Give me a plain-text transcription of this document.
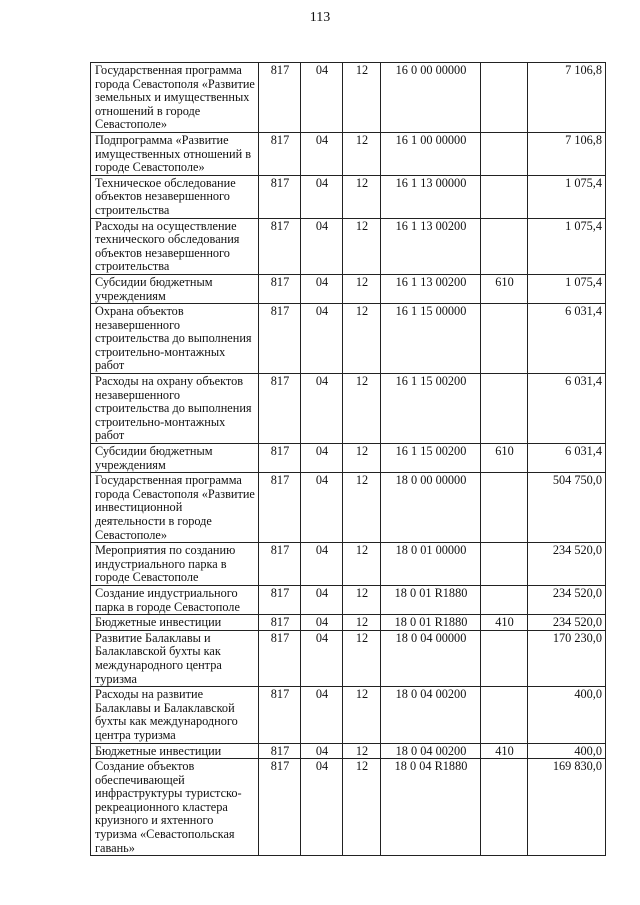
113
Государственная программа города Севастополя «Развитие земельных и имущественных отношений в городе Севастополе»	817	04	12	16 0 00 00000		7 106,8
Подпрограмма «Развитие имущественных отношений в городе Севастополе»	817	04	12	16 1 00 00000		7 106,8
Техническое обследование объектов незавершенного строительства	817	04	12	16 1 13 00000		1 075,4
Расходы на осуществление технического обследования объектов незавершенного строительства	817	04	12	16 1 13 00200		1 075,4
Субсидии бюджетным учреждениям	817	04	12	16 1 13 00200	610	1 075,4
Охрана объектов незавершенного строительства до выполнения строительно-монтажных работ	817	04	12	16 1 15 00000		6 031,4
Расходы на охрану объектов незавершенного строительства до выполнения строительно-монтажных работ	817	04	12	16 1 15 00200		6 031,4
Субсидии бюджетным учреждениям	817	04	12	16 1 15 00200	610	6 031,4
Государственная программа города Севастополя «Развитие инвестиционной деятельности в городе Севастополе»	817	04	12	18 0 00 00000		504 750,0
Мероприятия по созданию индустриального парка в городе Севастополе	817	04	12	18 0 01 00000		234 520,0
Создание индустриального парка в городе Севастополе	817	04	12	18 0 01 R1880		234 520,0
Бюджетные инвестиции	817	04	12	18 0 01 R1880	410	234 520,0
Развитие Балаклавы и Балаклавской бухты как международного центра туризма	817	04	12	18 0 04 00000		170 230,0
Расходы на развитие Балаклавы и Балаклавской бухты как международного центра туризма	817	04	12	18 0 04 00200		400,0
Бюджетные инвестиции	817	04	12	18 0 04 00200	410	400,0
Создание объектов обеспечивающей инфраструктуры туристско-рекреационного кластера круизного и яхтенного туризма «Севастопольская гавань»	817	04	12	18 0 04 R1880		169 830,0
